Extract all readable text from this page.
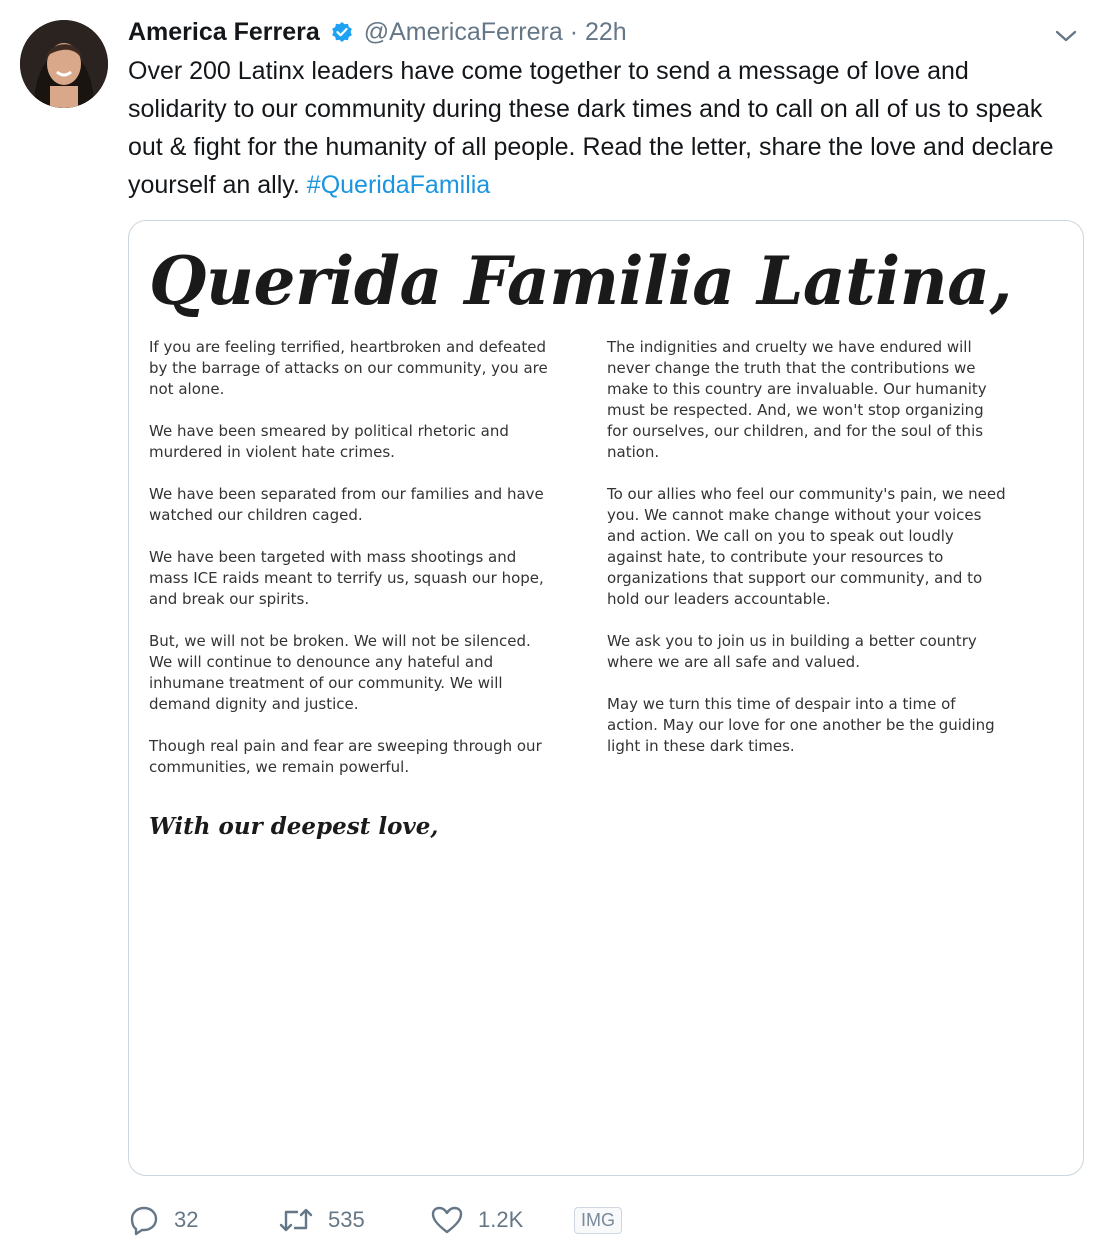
America Ferrera @AmericaFerrera · 22h
Over 200 Latinx leaders have come together to send a message of love and solidarity to our community during these dark times and to call on all of us to speak out & fight for the humanity of all people. Read the letter, share the love and declare yourself an ally. #QueridaFamilia
Querida Familia Latina,

If you are feeling terrified, heartbroken and defeated by the barrage of attacks on our community, you are not alone.

We have been smeared by political rhetoric and murdered in violent hate crimes.

We have been separated from our families and have watched our children caged.

We have been targeted with mass shootings and mass ICE raids meant to terrify us, squash our hope, and break our spirits.

But, we will not be broken. We will not be silenced. We will continue to denounce any hateful and inhumane treatment of our community. We will demand dignity and justice.

Though real pain and fear are sweeping through our communities, we remain powerful.

The indignities and cruelty we have endured will never change the truth that the contributions we make to this country are invaluable. Our humanity must be respected. And, we won't stop organizing for ourselves, our children, and for the soul of this nation.

To our allies who feel our community's pain, we need you. We cannot make change without your voices and action. We call on you to speak out loudly against hate, to contribute your resources to organizations that support our community, and to hold our leaders accountable.

We ask you to join us in building a better country where we are all safe and valued.

May we turn this time of despair into a time of action. May our love for one another be the guiding light in these dark times.

With our deepest love,
32	535	1.2K	IMG
